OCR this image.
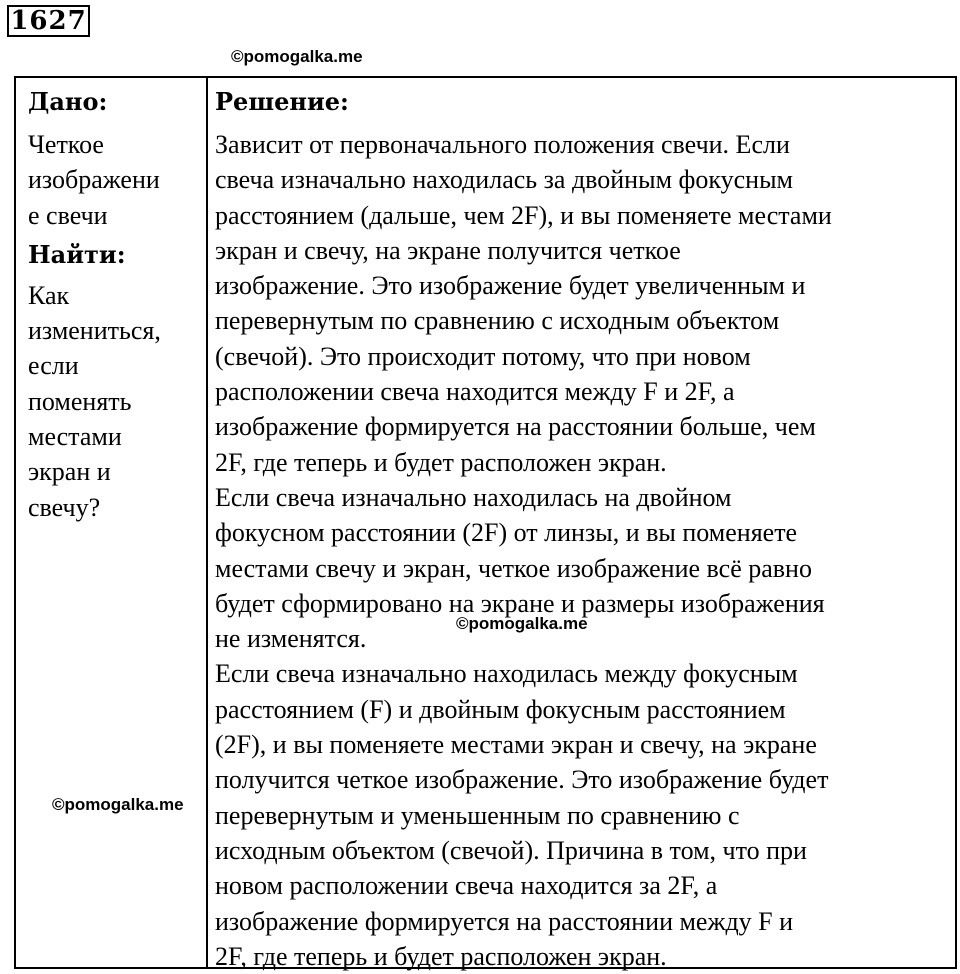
1627
©pomogalka.me
Дано:
Четкое
изображени
е свечи
Найти:
Как
измениться,
если
поменять
местами
экран и
свечу?
Решение:
Зависит от первоначального положения свечи. Если
свеча изначально находилась за двойным фокусным
расстоянием (дальше, чем 2F), и вы поменяете местами
экран и свечу, на экране получится четкое
изображение. Это изображение будет увеличенным и
перевернутым по сравнению с исходным объектом
(свечой). Это происходит потому, что при новом
расположении свеча находится между F и 2F, а
изображение формируется на расстоянии больше, чем
2F, где теперь и будет расположен экран.
Если свеча изначально находилась на двойном
фокусном расстоянии (2F) от линзы, и вы поменяете
местами свечу и экран, четкое изображение всё равно
будет сформировано на экране и размеры изображения
не изменятся.
Если свеча изначально находилась между фокусным
расстоянием (F) и двойным фокусным расстоянием
(2F), и вы поменяете местами экран и свечу, на экране
получится четкое изображение. Это изображение будет
перевернутым и уменьшенным по сравнению с
исходным объектом (свечой). Причина в том, что при
новом расположении свеча находится за 2F, а
изображение формируется на расстоянии между F и
2F, где теперь и будет расположен экран.
©pomogalka.me
©pomogalka.me
